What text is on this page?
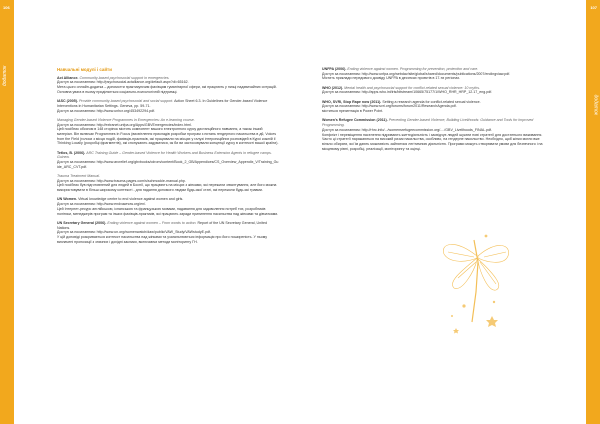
106	107
додаток
додаток
Навчальні модулі і сайти

Act Alliance. Community-based psychosocial support in emergencies.

Доступ за посиланням: http://psychosocial.actalliance.org/default.aspx?di=65162.

Мета цього онлайн-додатка – допомогти практикуючим фахівцям гуманітарної сфери, які працюють у низці надзвичайних ситуацій. Основна увага в ньому приділяється соціально-психологічній підтримці.

IASC (2005). Provide community-based psychosocial and social support. Action Sheet 6.3. In Guidelines for Gender-based Violence Interventions in Humanitarian Settings. Geneva, pp. 59-71.

Доступ за посиланням: http://www.unhcr.org/453492294.pdf.

Managing Gender-based Violence Programmes in Emergencies: An e-learning course.

Доступ за посиланням: http://extranet.unfpa.org/Apps/GBVEmergencies/index.html.

Цей посібник обсягом в 148 сторінок містить компонент вашого електронного курсу дистанційного навчання, а також інший матеріал. Він включає Programmes in Focus (висвітлення прикладів розробки програм з питань гендерного насильства в д6, Voices from the Field (голоси з місця подій, фахівців-практиків, які працювали на місцях у галузі інтерсекційних розповідей в Курсі кожній ії Thinking Locally (розробці фрагментів), які спонукають задуматися, як би ви застосовували концепції курсу в контексті вашої країни).

Tetlos, B. (2006). ARC Training Guide – Gender-based Violence for Health Workers and Business Extension Agents in refugee camps. Guinea.

Доступ за посиланням: http://www.arcrelief.org/gbvbooks/cdrom/content/Book_2_GB/Appendices/CS_Overview_Appendix_V/Training_Guide_ARC_CVT.pdf.

Trauma Treatment Manual.

Доступ за посиланням: http://www.trauma-pages.com/s/schmockie-manual.php.

Цей посібник був підготовлений для людей в Боснії, що працюють на місцях з жінками, які пережили згвалтування, але його можна використовувати в більш широкому контексті - для надання допомоги людям будь-якої статі, які пережили будь-які травми.

UN Women. Virtual knowledge centre to end violence against women and girls.

Доступ за посиланням: http://www.endvawnow.org/en/.

Цей Інтернет-ресурс англійською, іспанською та французькою мовами, надавання для задоволення потреб тих, розробників політики, менеджерів програм та інших фахівців-практиків, які працюють заради припинення насильства над жінками та дівчатками.

UN Secretary General (2006). Ending violence against women – From words to action. Report of the UN Secretary General, United Nations.

Доступ за посиланням: http://www.un.org/womenwatch/daw/public/VAW_Study/VAWstudyE.pdf.

У цій доповіді розкривається контекст насильства над жінками та узагальнюються інформація про його поширеність. У ньому визначені пропозиції з значних і дохідні заклики, включаючи методи моніторингу ГН.

UNFPA (2006). Ending violence against women. Programming for prevention, protection and care.

Доступ за посиланням: http://www.unfpa.org/webdav/site/global/shared/documents/publications/2007/endingviaw.pdf.

Містить приклади передового досвіду UNFPA в десятках проектів в 17-ти регіонах.

WHO (2012). Mental health and psychosocial support for conflict-related sexual violence: 10 myths.

Доступ за посиланням: http://apps.who.int/iris/bitstream/10665/75177/1/WHO_RHR_HRP_12.17_eng.pdf.

WHO, SVRI, Stop Rape now (2011). Setting a research agenda for conflict-related sexual violence.

Доступ за посиланням: http://www.svri.org/forums/forum2011/ResearchAgenda.pdf.

міститься презентація в Power Point.

Women's Refugee Commission (2011). Preventing Gender-based Violence, Building Livelihoods: Guidance and Tools for Improved Programming.

Доступ за посиланням: http://rhrc.info/.../womensrefugeecommission.org/..../GBV_Livelihoods_FINAL.pdf.

Конфлікт і переміщення населення підривають життєдіяльність і засвідчує людей шукати нові стратегії для достатнього виживання. Часто ці стратегії наражаються на високий ризик насильства, особливо, на гендерне насильство. Необхідно, щоб жінки могли вже вільно обирати, які їм дають можливість зайнятися легітимною діяльністю. Програми можуть створювати умови для безпечного і на місцевому рівні, розробці, реалізації, моніторингу та оцінці.
